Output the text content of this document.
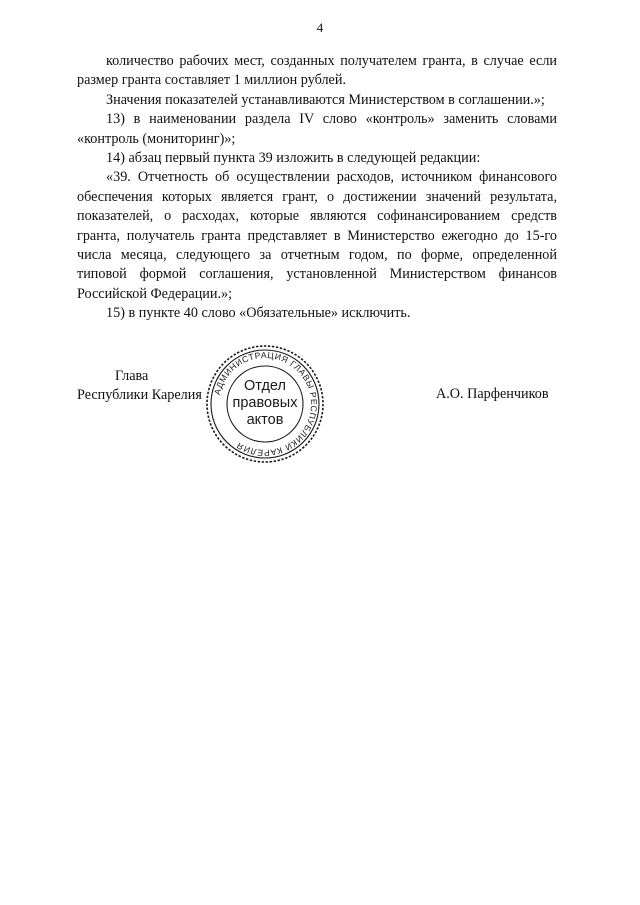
4

количество рабочих мест, созданных получателем гранта, в случае если размер гранта составляет 1 миллион рублей.

Значения показателей устанавливаются Министерством в соглашении.»;

13) в наименовании раздела IV слово «контроль» заменить словами «контроль (мониторинг)»;

14) абзац первый пункта 39 изложить в следующей редакции:

«39. Отчетность об осуществлении расходов, источником финансового обеспечения которых является грант, о достижении значений результата, показателей, о расходах, которые являются софинансированием средств гранта, получатель гранта представляет в Министерство ежегодно до 15-го числа месяца, следующего за отчетным годом, по форме, определенной типовой формой соглашения, установленной Министерством финансов Российской Федерации.»;

15) в пункте 40 слово «Обязательные» исключить.

Глава
Республики Карелия	А.О. Парфенчиков
АДМИНИСТРАЦИЯ ГЛАВЫ РЕСПУБЛИКИ КАРЕЛИЯ
Отдел
правовых
актов
